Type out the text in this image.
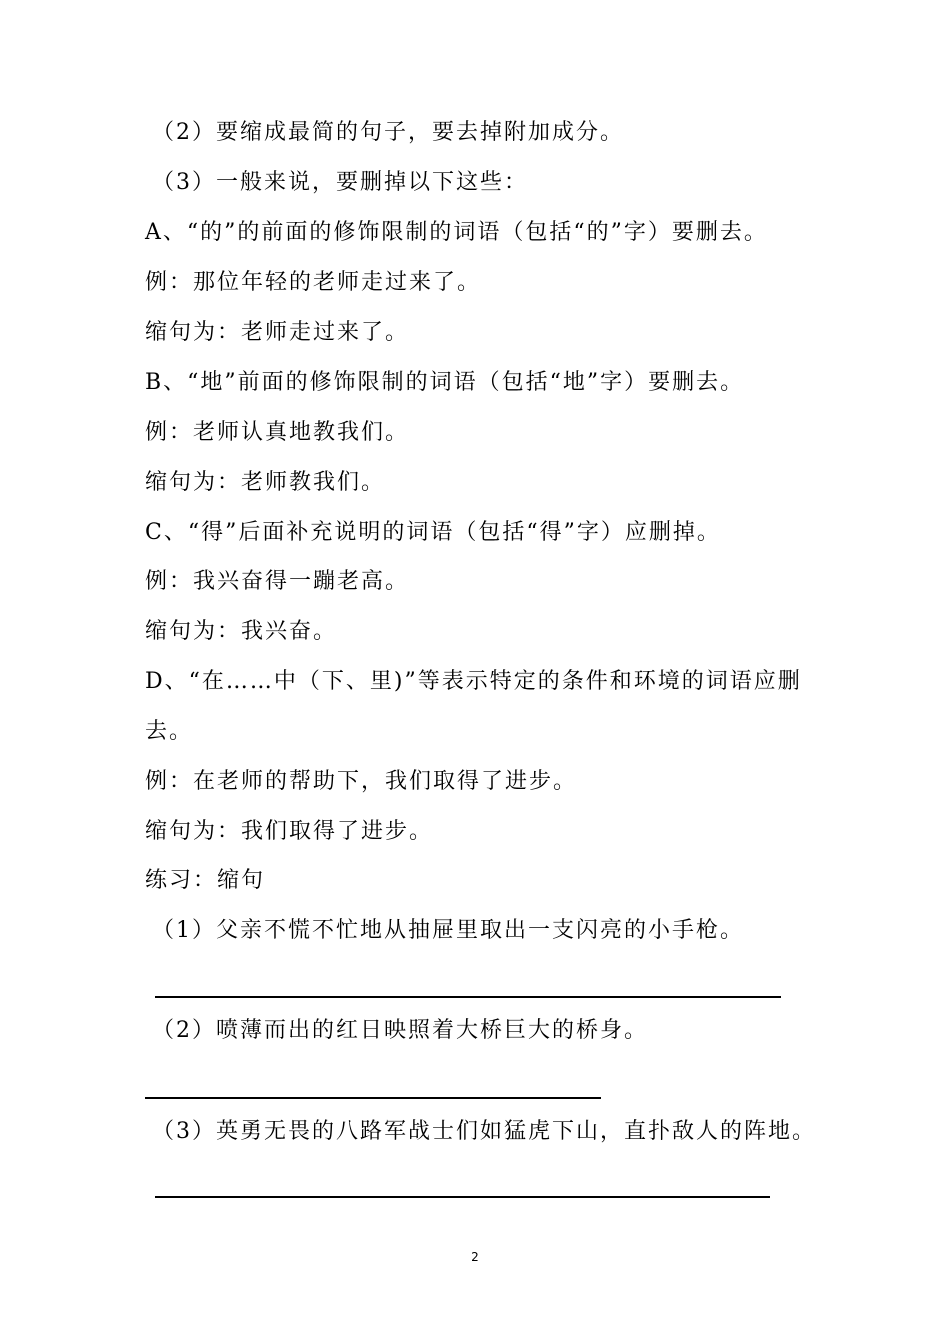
（2）要缩成最简的句子，要去掉附加成分。
（3）一般来说，要删掉以下这些：
A、“的”的前面的修饰限制的词语（包括“的”字）要删去。
例：那位年轻的老师走过来了。
缩句为：老师走过来了。
B、“地”前面的修饰限制的词语（包括“地”字）要删去。
例：老师认真地教我们。
缩句为：老师教我们。
C、“得”后面补充说明的词语（包括“得”字）应删掉。
例：我兴奋得一蹦老高。
缩句为：我兴奋。
D、“在……中（下、里)”等表示特定的条件和环境的词语应删
去。
例：在老师的帮助下，我们取得了进步。
缩句为：我们取得了进步。
练习：缩句
（1）父亲不慌不忙地从抽屉里取出一支闪亮的小手枪。
（2）喷薄而出的红日映照着大桥巨大的桥身。
（3）英勇无畏的八路军战士们如猛虎下山，直扑敌人的阵地。
2
